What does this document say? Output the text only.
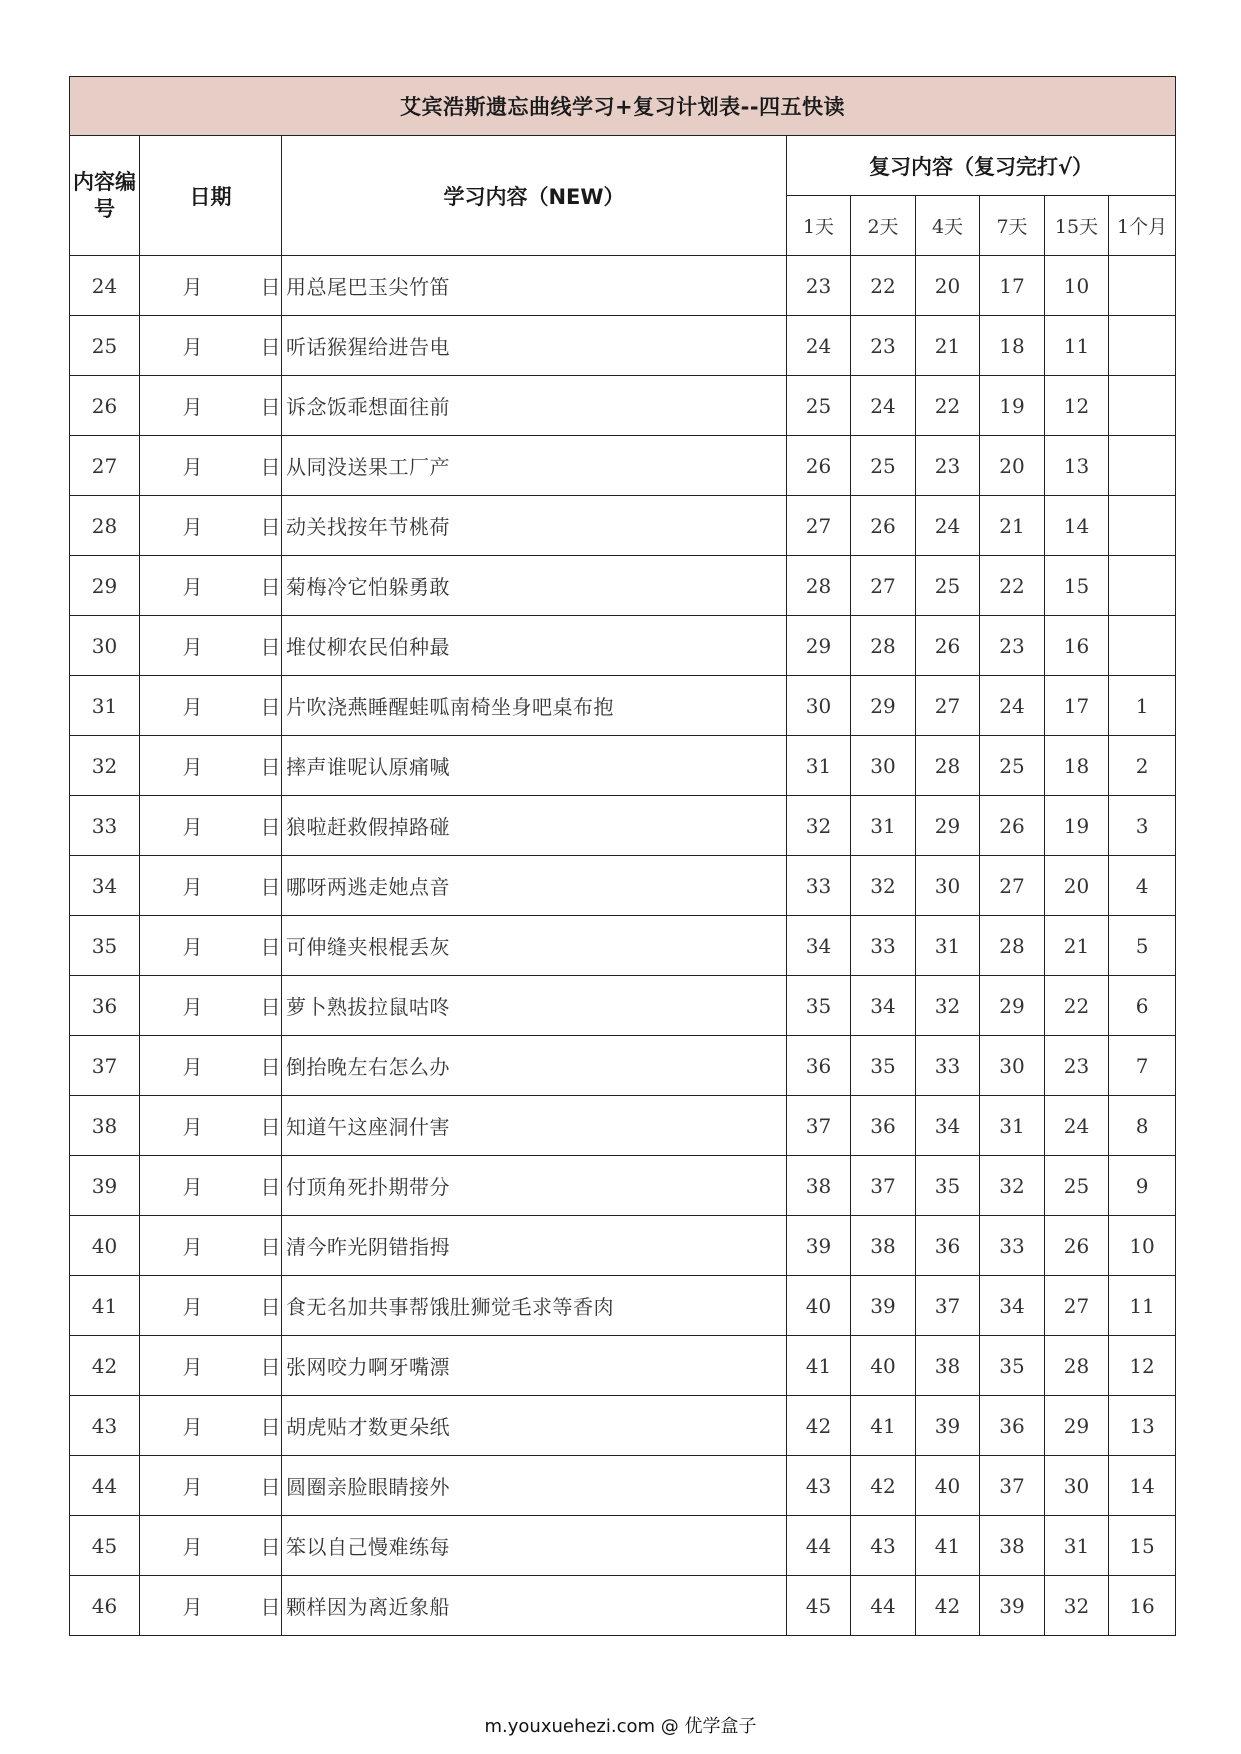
艾宾浩斯遗忘曲线学习+复习计划表--四五快读								
内容编号	日期	学习内容（NEW）	复习内容（复习完打√）					
			1天	2天	4天	7天	15天	1个月
24	月 日	用总尾巴玉尖竹笛	23	22	20	17	10	
25	月 日	听话猴猩给进告电	24	23	21	18	11	
26	月 日	诉念饭乖想面往前	25	24	22	19	12	
27	月 日	从同没送果工厂产	26	25	23	20	13	
28	月 日	动关找按年节桃荷	27	26	24	21	14	
29	月 日	菊梅冷它怕躲勇敢	28	27	25	22	15	
30	月 日	堆仗柳农民伯种最	29	28	26	23	16	
31	月 日	片吹浇燕睡醒蛙呱南椅坐身吧桌布抱	30	29	27	24	17	1
32	月 日	摔声谁呢认原痛喊	31	30	28	25	18	2
33	月 日	狼啦赶救假掉路碰	32	31	29	26	19	3
34	月 日	哪呀两逃走她点音	33	32	30	27	20	4
35	月 日	可伸缝夹根棍丢灰	34	33	31	28	21	5
36	月 日	萝卜熟拔拉鼠咕咚	35	34	32	29	22	6
37	月 日	倒抬晚左右怎么办	36	35	33	30	23	7
38	月 日	知道午这座洞什害	37	36	34	31	24	8
39	月 日	付顶角死扑期带分	38	37	35	32	25	9
40	月 日	清今昨光阴错指拇	39	38	36	33	26	10
41	月 日	食无名加共事帮饿肚狮觉毛求等香肉	40	39	37	34	27	11
42	月 日	张网咬力啊牙嘴漂	41	40	38	35	28	12
43	月 日	胡虎贴才数更朵纸	42	41	39	36	29	13
44	月 日	圆圈亲脸眼睛接外	43	42	40	37	30	14
45	月 日	笨以自己慢难练每	44	43	41	38	31	15
46	月 日	颗样因为离近象船	45	44	42	39	32	16
m.youxuehezi.com @ 优学盒子
